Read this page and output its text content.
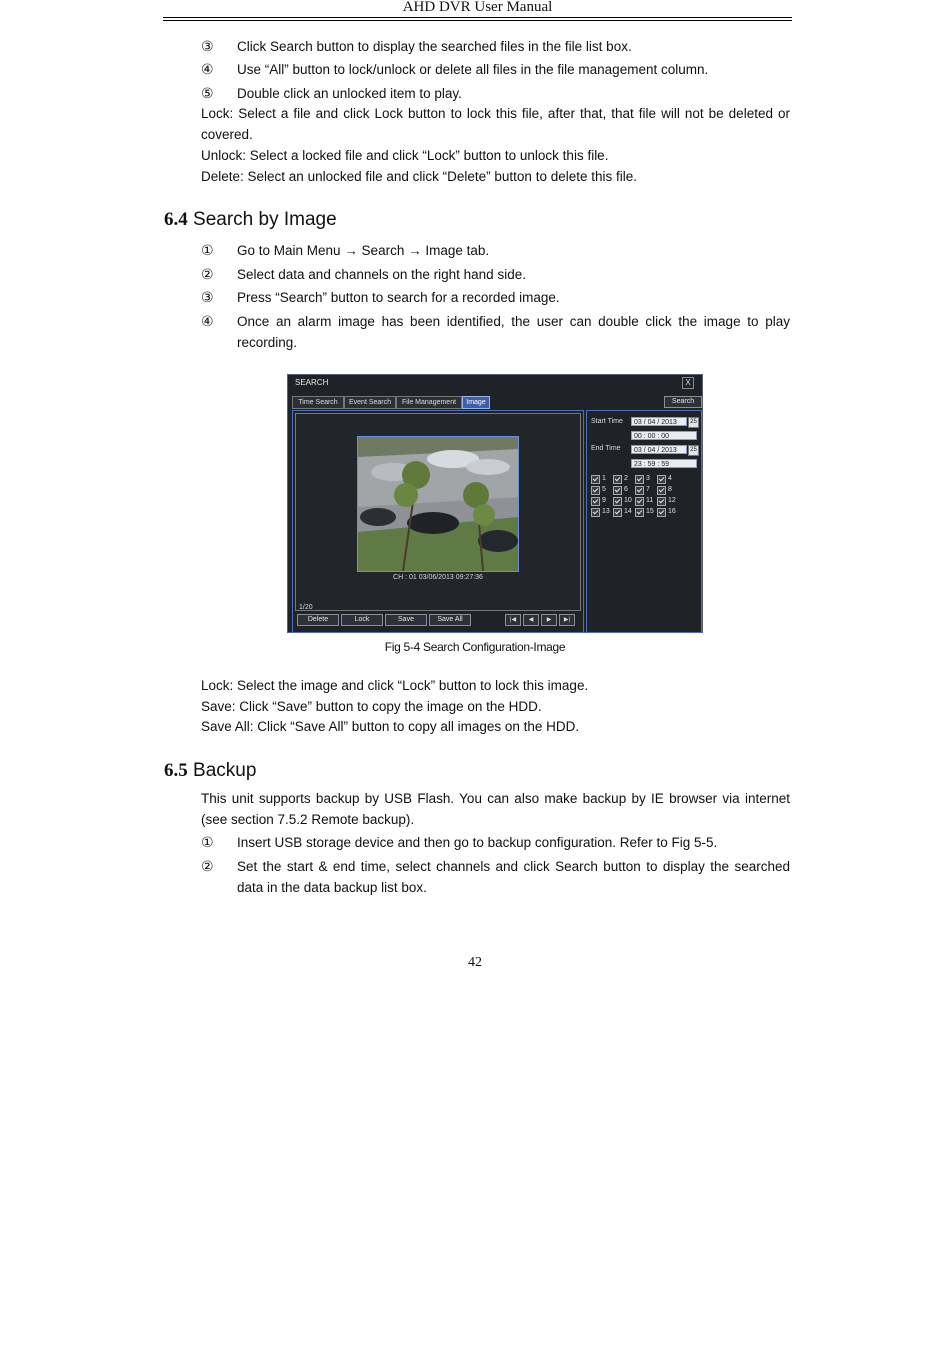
AHD DVR User Manual
③	Click Search button to display the searched files in the file list box.
④	Use “All” button to lock/unlock or delete all files in the file management column.
⑤	Double click an unlocked item to play.
Lock: Select a file and click Lock button to lock this file, after that, that file will not be deleted or covered.
Unlock: Select a locked file and click “Lock” button to unlock this file.
Delete: Select an unlocked file and click “Delete” button to delete this file.
6.4 Search by Image
①	Go to Main Menu → Search → Image tab.
②	Select data and channels on the right hand side.
③	Press “Search” button to search for a recorded image.
④	Once an alarm image has been identified, the user can double click the image to play recording.
SEARCH	X
Time Search	Event Search	File Management	Image	Search
CH : 01 03/06/2013 09:27:36
1/20
Delete	Lock	Save	Save All	|◀	◀	▶	▶|
Start Time	03 / 04 / 2013	25
00 : 00 : 00
End Time	03 / 04 / 2013	25
23 : 59 : 59
1	2	3	4
5	6	7	8
9	10 11 12
13 14 15 16
Fig 5-4 Search Configuration-Image
Lock: Select the image and click “Lock” button to lock this image.
Save: Click “Save” button to copy the image on the HDD.
Save All: Click “Save All” button to copy all images on the HDD.
6.5 Backup
This unit supports backup by USB Flash. You can also make backup by IE browser via internet (see section 7.5.2 Remote backup).
①	Insert USB storage device and then go to backup configuration. Refer to Fig 5-5.
②	Set the start & end time, select channels and click Search button to display the searched data in the data backup list box.
42
